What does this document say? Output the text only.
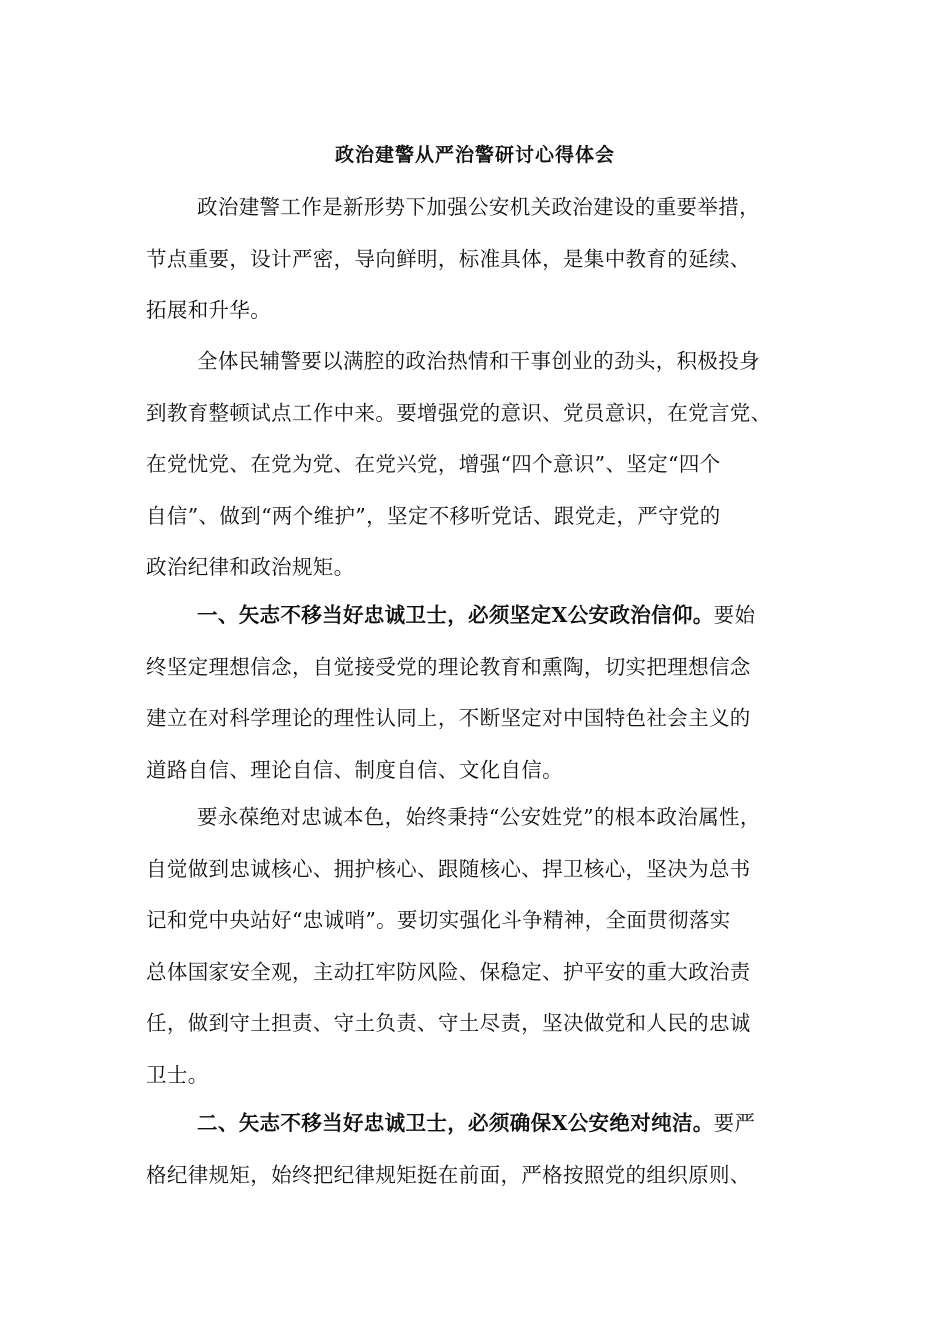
政治建警从严治警研讨心得体会
政治建警工作是新形势下加强公安机关政治建设的重要举措，
节点重要，设计严密，导向鲜明，标准具体，是集中教育的延续、
拓展和升华。
全体民辅警要以满腔的政治热情和干事创业的劲头，积极投身
到教育整顿试点工作中来。要增强党的意识、党员意识，在党言党、
在党忧党、在党为党、在党兴党，增强“四个意识”、坚定“四个
自信”、做到“两个维护”，坚定不移听党话、跟党走，严守党的
政治纪律和政治规矩。
一、矢志不移当好忠诚卫士，必须坚定X公安政治信仰。要始
终坚定理想信念，自觉接受党的理论教育和熏陶，切实把理想信念
建立在对科学理论的理性认同上，不断坚定对中国特色社会主义的
道路自信、理论自信、制度自信、文化自信。
要永葆绝对忠诚本色，始终秉持“公安姓党”的根本政治属性，
自觉做到忠诚核心、拥护核心、跟随核心、捍卫核心，坚决为总书
记和党中央站好“忠诚哨”。要切实强化斗争精神，全面贯彻落实
总体国家安全观，主动扛牢防风险、保稳定、护平安的重大政治责
任，做到守土担责、守土负责、守土尽责，坚决做党和人民的忠诚
卫士。
二、矢志不移当好忠诚卫士，必须确保X公安绝对纯洁。要严
格纪律规矩，始终把纪律规矩挺在前面，严格按照党的组织原则、
